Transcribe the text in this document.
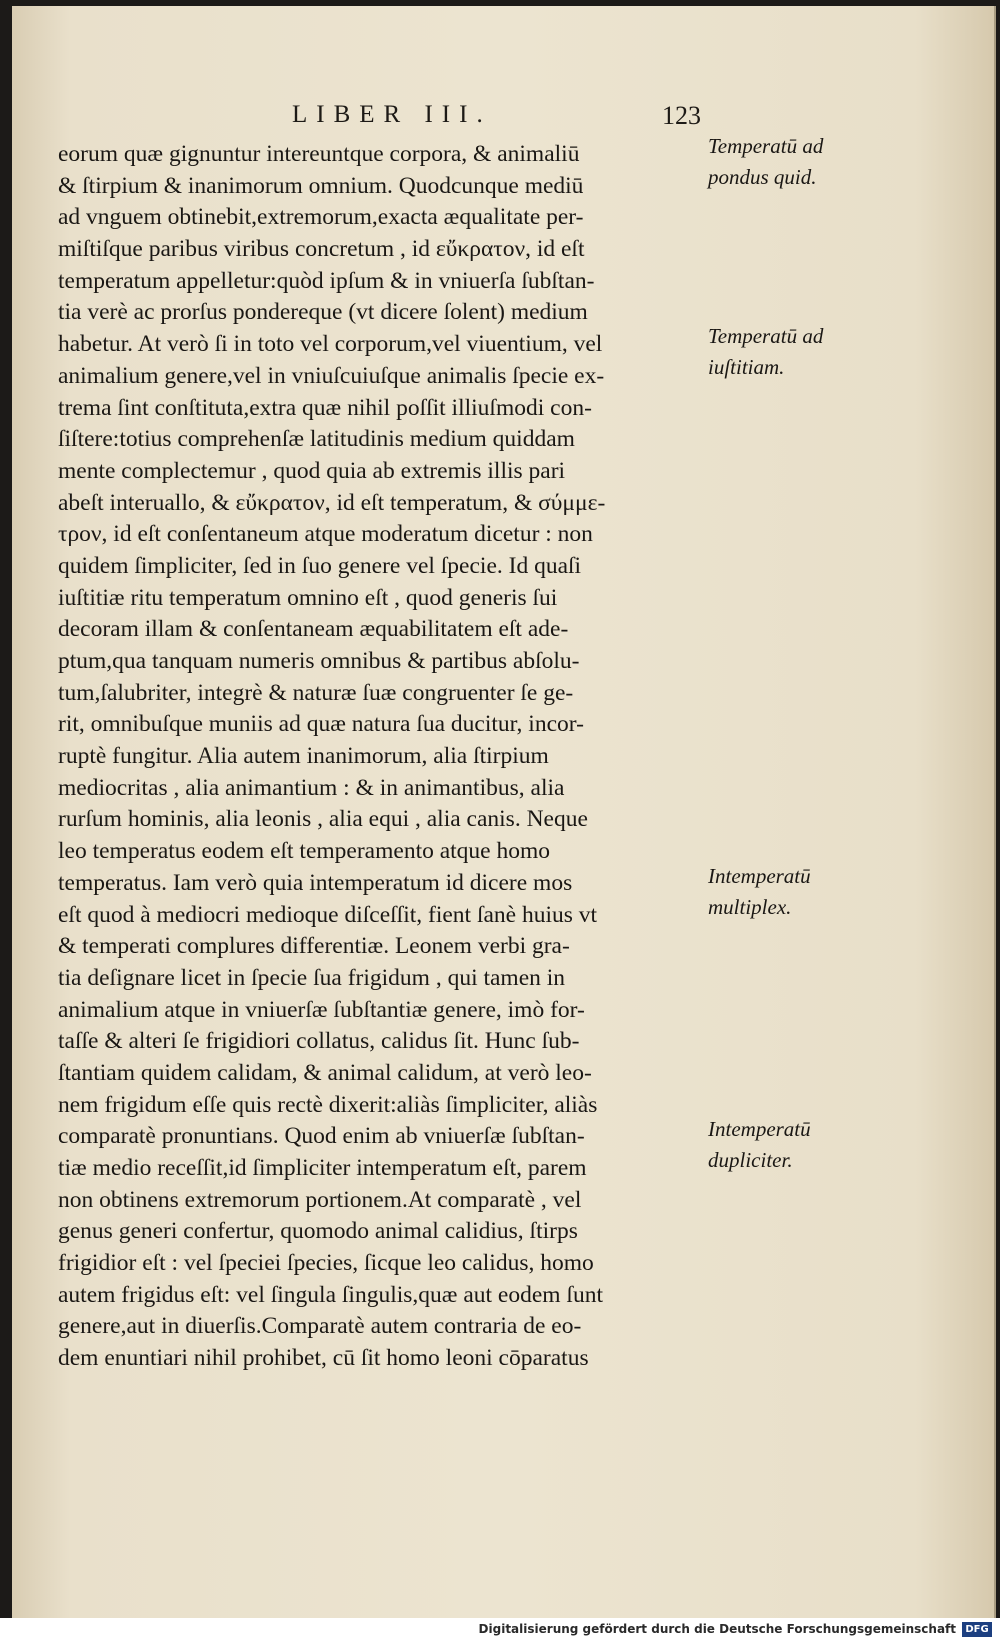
LIBER III.	123
eorum quæ gignuntur intereuntque corpora, & animaliū
& ſtirpium & inanimorum omnium. Quodcunque mediū
ad vnguem obtinebit,extremorum,exacta æqualitate per-
miſtiſque paribus viribus concretum , id εὔκρατον, id eſt
temperatum appelletur:quòd ipſum & in vniuerſa ſubſtan-
tia verè ac prorſus pondereque (vt dicere ſolent) medium
habetur. At verò ſi in toto vel corporum,vel viuentium, vel
animalium genere,vel in vniuſcuiuſque animalis ſpecie ex-
trema ſint conſtituta,extra quæ nihil poſſit illiuſmodi con-
ſiſtere:totius comprehenſæ latitudinis medium quiddam
mente complectemur , quod quia ab extremis illis pari
abeſt interuallo, & εὔκρατον, id eſt temperatum, & σύμμε-
τρον, id eſt conſentaneum atque moderatum dicetur : non
quidem ſimpliciter, ſed in ſuo genere vel ſpecie. Id quaſi
iuſtitiæ ritu temperatum omnino eſt , quod generis ſui
decoram illam & conſentaneam æquabilitatem eſt ade-
ptum,qua tanquam numeris omnibus & partibus abſolu-
tum,ſalubriter, integrè & naturæ ſuæ congruenter ſe ge-
rit, omnibuſque muniis ad quæ natura ſua ducitur, incor-
ruptè fungitur. Alia autem inanimorum, alia ſtirpium
mediocritas , alia animantium : & in animantibus, alia
rurſum hominis, alia leonis , alia equi , alia canis. Neque
leo temperatus eodem eſt temperamento atque homo
temperatus. Iam verò quia intemperatum id dicere mos
eſt quod à mediocri medioque diſceſſit, fient ſanè huius vt
& temperati complures differentiæ. Leonem verbi gra-
tia deſignare licet in ſpecie ſua frigidum , qui tamen in
animalium atque in vniuerſæ ſubſtantiæ genere, imò for-
taſſe & alteri ſe frigidiori collatus, calidus ſit. Hunc ſub-
ſtantiam quidem calidam, & animal calidum, at verò leo-
nem frigidum eſſe quis rectè dixerit:aliàs ſimpliciter, aliàs
comparatè pronuntians. Quod enim ab vniuerſæ ſubſtan-
tiæ medio receſſit,id ſimpliciter intemperatum eſt, parem
non obtinens extremorum portionem.At comparatè , vel
genus generi confertur, quomodo animal calidius, ſtirps
frigidior eſt : vel ſpeciei ſpecies, ſicque leo calidus, homo
autem frigidus eſt: vel ſingula ſingulis,quæ aut eodem ſunt
genere,aut in diuerſis.Comparatè autem contraria de eo-
dem enuntiari nihil prohibet, cū ſit homo leoni cōparatus
Temperatū ad
pondus quid.
Temperatū ad
iuſtitiam.
Intemperatū
multiplex.
Intemperatū
dupliciter.
Digitalisierung gefördert durch die Deutsche Forschungsgemeinschaft DFG
